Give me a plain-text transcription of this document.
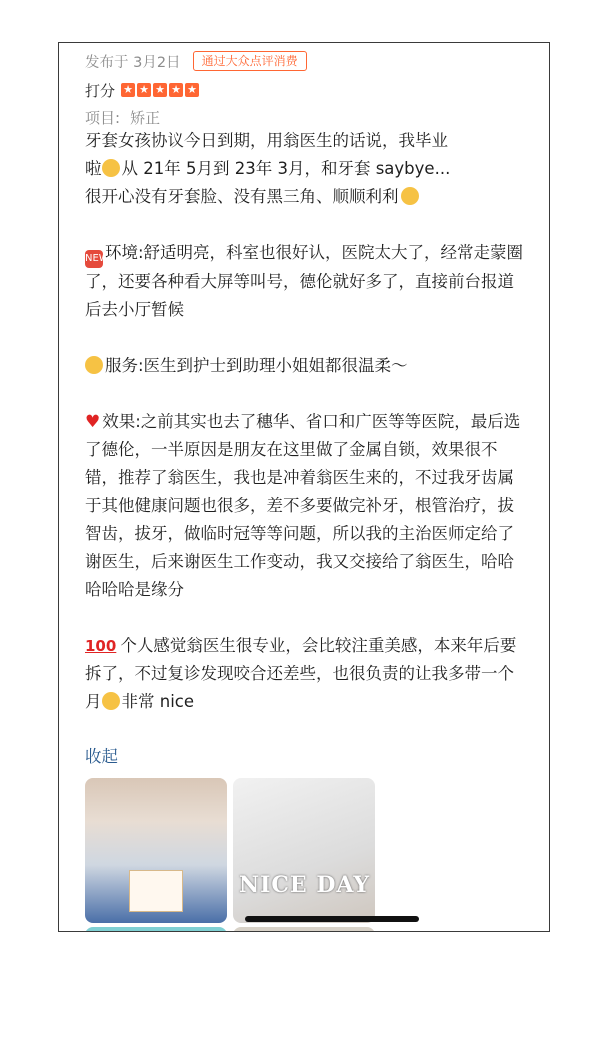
发布于 3月2日	通过大众点评消费
打分 ★ ★ ★ ★ ★
项目: 矫正

牙套女孩协议今日到期，用翁医生的话说，我毕业
啦 从 21年 5月到 23年 3月，和牙套 saybye...
很开心没有牙套脸、没有黑三角、顺顺利利

NEW环境:舒适明亮，科室也很好认，医院太大了，经常走蒙圈了，还要各种看大屏等叫号，德伦就好多了，直接前台报道后去小厅暂候

服务:医生到护士到助理小姐姐都很温柔～

♥ 效果:之前其实也去了穗华、省口和广医等等医院，最后选了德伦，一半原因是朋友在这里做了金属自锁，效果很不错，推荐了翁医生，我也是冲着翁医生来的，不过我牙齿属于其他健康问题也很多，差不多要做完补牙，根管治疗，拔智齿，拔牙，做临时冠等等问题，所以我的主治医师定给了谢医生，后来谢医生工作变动，我又交接给了翁医生，哈哈哈哈哈是缘分

100 个人感觉翁医生很专业，会比较注重美感，本来年后要拆了，不过复诊发现咬合还差些，也很负责的让我多带一个月 非常 nice

收起
NICE DAY
